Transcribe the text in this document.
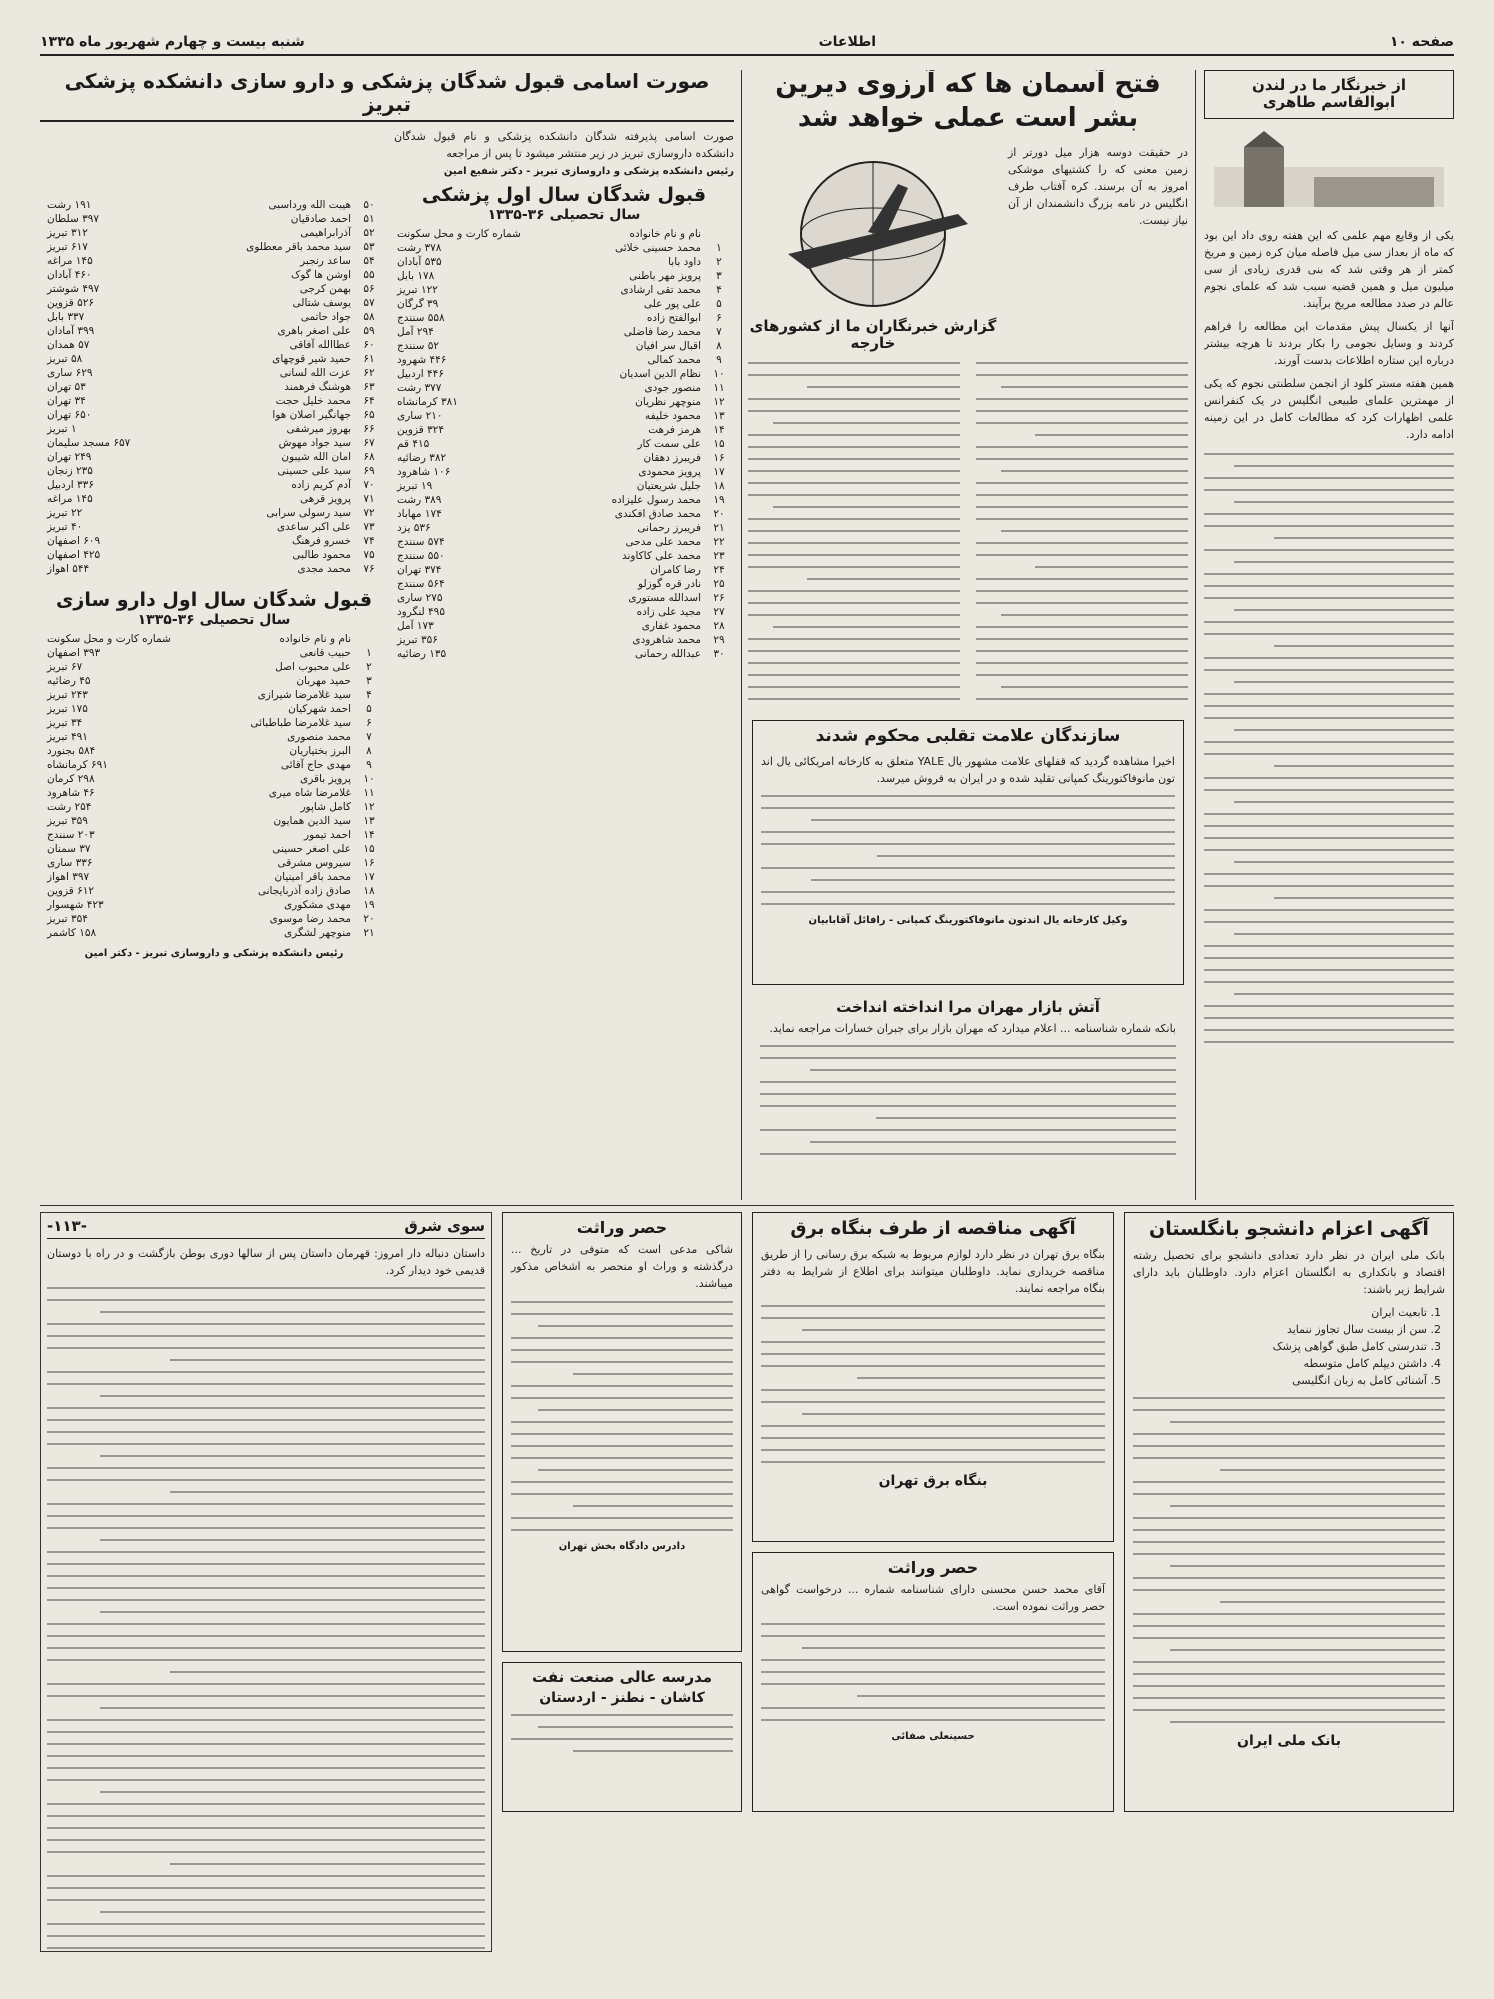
صفحه ۱۰
اطلاعات
شنبه بیست و چهارم شهریور ماه ۱۳۳۵
از خبرنگار ما در لندن
ابوالقاسم طاهری
یکی از وقایع مهم علمی که این هفته روی داد این بود که ماه از بعداز سی میل فاصله میان کره زمین و مریخ کمتر از هر وقتی شد که بنی قدری زیادی از سی میلیون میل و همین قضیه سبب شد که علمای نجوم عالم در صدد مطالعه مریخ برآیند.
آنها از یکسال پیش مقدمات این مطالعه را فراهم کردند و وسایل نجومی را بکار بردند تا هرچه بیشتر درباره این ستاره اطلاعات بدست آورند.
همین هفته مستر کلود از انجمن سلطنتی نجوم که یکی از مهمترین علمای طبیعی انگلیس در یک کنفرانس علمی اظهارات کرد که مطالعات کامل در این زمینه ادامه دارد.
فتح آسمان ها که آرزوی دیرین
بشر است عملی خواهد شد
در حقیقت دوسه هزار میل دورتر از زمین معنی که را کشتیهای موشکی امروز به آن برسند. کره آفتاب طرف انگلیس در نامه بزرگ دانشمندان از آن نیاز نیست.
گزارش خبرنگاران ما از کشورهای خارجه
سازندگان علامت تقلبی محکوم شدند
اخیرا مشاهده گردید که قفلهای علامت مشهور یال YALE متعلق به کارخانه امریکائی یال اند تون مانوفاکتورینگ کمپانی تقلید شده و در ایران به فروش میرسد.
وکیل کارخانه یال اندتون مانوفاکتورینگ کمپانی - رافائل آقابابیان
آتش بازار مهران مرا انداخته انداخت
بانکه شماره شناسنامه ... اعلام میدارد که مهران بازار برای جبران خسارات مراجعه نماید.
صورت اسامی قبول شدگان پزشکی و دارو سازی دانشکده پزشکی تبریز
صورت اسامی پذیرفته شدگان دانشکده پزشکی و نام قبول شدگان دانشکده داروسازی تبریز در زیر منتشر میشود تا پس از مراجعه
رئیس دانشکده پزشکی و داروسازی تبریز - دکتر شفیع امین
قبول شدگان سال اول پزشکی
سال تحصیلی ۳۶-۱۳۳۵
	نام و نام خانواده	شماره کارت و محل سکونت
۱	محمد حسینی خلائی	۳۷۸ رشت
۲	داود بابا	۵۳۵ آبادان
۳	پرویز مهر باطنی	۱۷۸ بابل
۴	محمد تقی ارشادی	۱۲۲ تبریز
۵	علی پور علی	۳۹ گرگان
۶	ابوالفتح زاده	۵۵۸ سنندج
۷	محمد رضا فاضلی	۲۹۴ آمل
۸	اقبال سر افیان	۵۲ سنندج
۹	محمد کمالی	۴۴۶ شهرود
۱۰	نظام الدین اسدیان	۴۴۶ اردبیل
۱۱	منصور جودی	۳۷۷ رشت
۱۲	منوچهر نظریان	۳۸۱ کرمانشاه
۱۳	محمود خلیفه	۲۱۰ ساری
۱۴	هرمز فرهت	۳۲۴ قزوین
۱۵	علی سمت کار	۴۱۵ قم
۱۶	فریبرز دهقان	۳۸۲ رضائیه
۱۷	پرویز محمودی	۱۰۶ شاهرود
۱۸	جلیل شریعتیان	۱۹ تبریز
۱۹	محمد رسول علیزاده	۳۸۹ رشت
۲۰	محمد صادق افکندی	۱۷۴ مهاباد
۲۱	فریبرز رحمانی	۵۳۶ یزد
۲۲	محمد علی مدحی	۵۷۴ سنندج
۲۳	محمد علی کاکاوند	۵۵۰ سنندج
۲۴	رضا کامران	۳۷۴ تهران
۲۵	نادر قره گوزلو	۵۶۴ سنندج
۲۶	اسدالله مستوری	۲۷۵ ساری
۲۷	مجید علی زاده	۴۹۵ لنگرود
۲۸	محمود غفاری	۱۷۳ آمل
۲۹	محمد شاهرودی	۳۵۶ تبریز
۳۰	عبدالله رحمانی	۱۳۵ رضائیه
۵۰	هیبت الله ورداسبی	۱۹۱ رشت
۵۱	احمد صادقیان	۳۹۷ سلطان
۵۲	آذرابراهیمی	۳۱۲ تبریز
۵۳	سید محمد باقر معطلوی	۶۱۷ تبریز
۵۴	ساعد رنجبر	۱۴۵ مراغه
۵۵	اوشن ها گوک	۴۶۰ آبادان
۵۶	بهمن کرجی	۴۹۷ شوشتر
۵۷	یوسف شتالی	۵۲۶ قزوین
۵۸	جواد حاتمی	۳۳۷ بابل
۵۹	علی اصغر باهری	۳۹۹ آمادان
۶۰	عطاالله آفاقی	۵۷ همدان
۶۱	حمید شیر قوچهای	۵۸ تبریز
۶۲	عزت الله لسانی	۶۲۹ ساری
۶۳	هوشنگ فرهمند	۵۳ تهران
۶۴	محمد خلیل حجت	۳۴ تهران
۶۵	جهانگیر اصلان هوا	۶۵۰ تهران
۶۶	بهروز میرشفی	۱ تبریز
۶۷	سید جواد مهوش	۶۵۷ مسجد سلیمان
۶۸	امان الله شیبون	۲۴۹ تهران
۶۹	سید علی حسینی	۲۳۵ زنجان
۷۰	آدم کریم زاده	۳۳۶ اردبیل
۷۱	پرویز قرهی	۱۴۵ مراغه
۷۲	سید رسولی سرابی	۲۲ تبریز
۷۳	علی اکبر ساعدی	۴۰ تبریز
۷۴	خسرو فرهنگ	۶۰۹ اصفهان
۷۵	محمود طالبی	۴۲۵ اصفهان
۷۶	محمد مجدی	۵۴۴ اهواز
قبول شدگان سال اول دارو سازی
سال تحصیلی ۳۶-۱۳۳۵
	نام و نام خانواده	شماره کارت و محل سکونت
۱	حبیب قانعی	۳۹۳ اصفهان
۲	علی محبوب اصل	۶۷ تبریز
۳	حمید مهربان	۴۵ رضائیه
۴	سید غلامرضا شیرازی	۲۴۳ تبریز
۵	احمد شهرکیان	۱۷۵ تبریز
۶	سید غلامرضا طباطبائی	۳۴ تبریز
۷	محمد منصوری	۴۹۱ تبریز
۸	البرز بختیاریان	۵۸۴ بجنورد
۹	مهدی حاج آقائی	۶۹۱ کرمانشاه
۱۰	پرویز باقری	۲۹۸ کرمان
۱۱	غلامرضا شاه میری	۴۶ شاهرود
۱۲	کامل شاپور	۲۵۴ رشت
۱۳	سید الدین همایون	۳۵۹ تبریز
۱۴	احمد تیمور	۲۰۳ سنندج
۱۵	علی اصغر حسینی	۳۷ سمنان
۱۶	سیروس مشرقی	۳۳۶ ساری
۱۷	محمد باقر امینیان	۳۹۷ اهواز
۱۸	صادق زاده آذربایجانی	۶۱۲ قزوین
۱۹	مهدی مشکوری	۴۲۳ شهسوار
۲۰	محمد رضا موسوی	۳۵۴ تبریز
۲۱	منوچهر لشگری	۱۵۸ کاشمر
رئیس دانشکده پزشکی و داروسازی تبریز - دکتر امین
آگهی اعزام دانشجو بانگلستان
بانک ملی ایران در نظر دارد تعدادی دانشجو برای تحصیل رشته اقتصاد و بانکداری به انگلستان اعزام دارد. داوطلبان باید دارای شرایط زیر باشند:
1. تابعیت ایران
2. سن از بیست سال تجاوز ننماید
3. تندرستی کامل طبق گواهی پزشک
4. داشتن دیپلم کامل متوسطه
5. آشنائی کامل به زبان انگلیسی
بانک ملی ایران
آگهی مناقصه از طرف بنگاه برق
بنگاه برق تهران در نظر دارد لوازم مربوط به شبکه برق رسانی را از طریق مناقصه خریداری نماید. داوطلبان میتوانند برای اطلاع از شرایط به دفتر بنگاه مراجعه نمایند.
بنگاه برق تهران
حصر وراثت
آقای محمد حسن محسنی دارای شناسنامه شماره ... درخواست گواهی حصر وراثت نموده است.
حسینعلی صفائی
حصر وراثت
شاکی مدعی است که متوفی در تاریخ ... درگذشته و وراث او منحصر به اشخاص مذکور میباشند.
دادرس دادگاه بخش تهران
مدرسه عالی صنعت نفت
کاشان - نطنز - اردستان
سوی شرق
-۱۱۳-
داستان دنباله دار امروز: قهرمان داستان پس از سالها دوری بوطن بازگشت و در راه با دوستان قدیمی خود دیدار کرد.
